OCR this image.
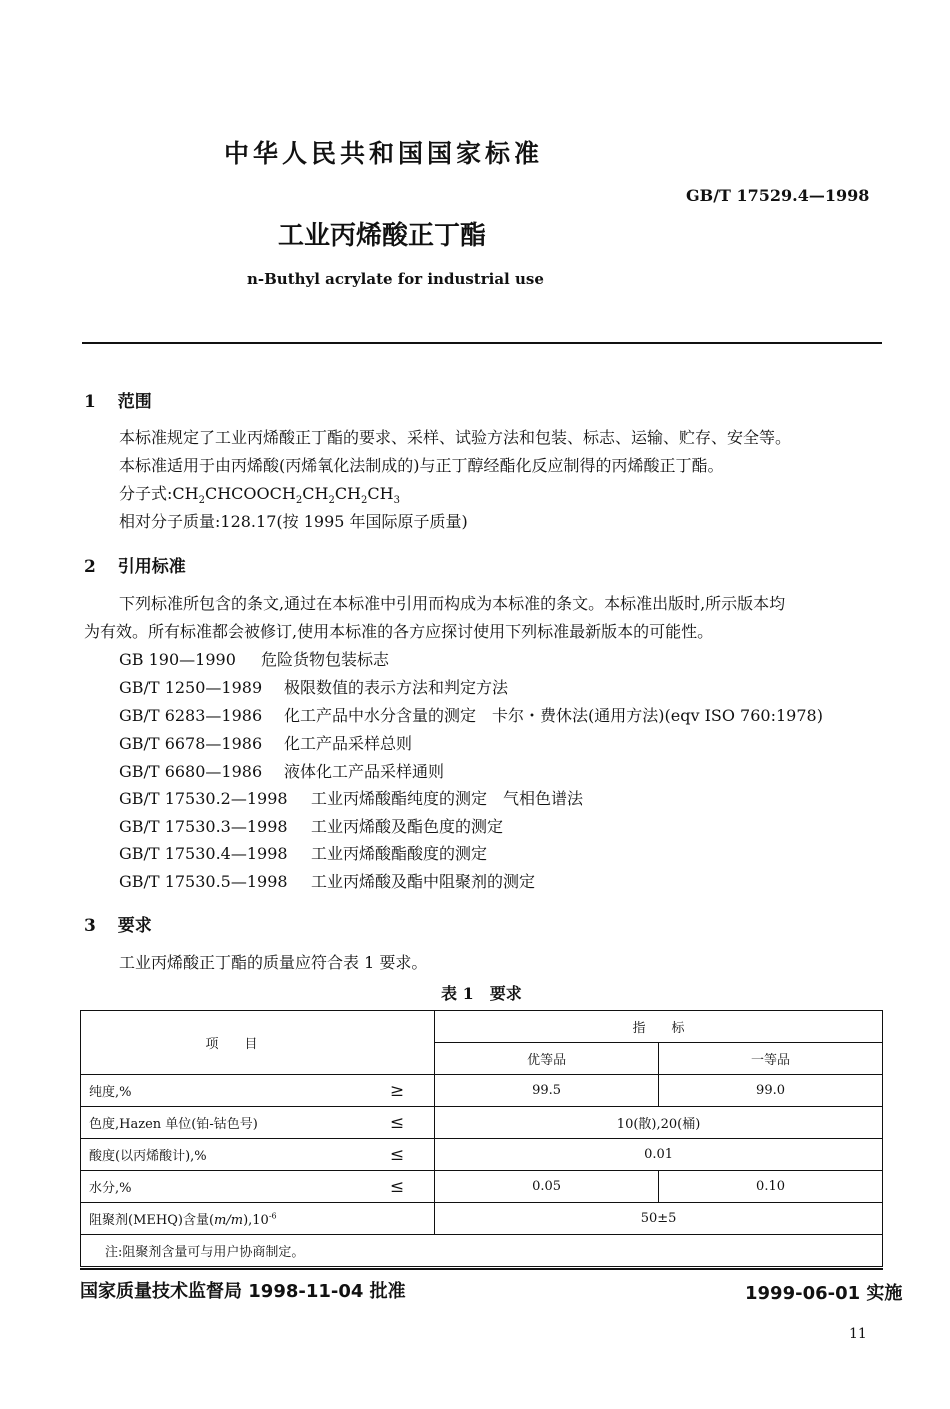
中华人民共和国国家标准
GB/T 17529.4—1998
工业丙烯酸正丁酯
n-Buthyl acrylate for industrial use
1 范围
本标准规定了工业丙烯酸正丁酯的要求、采样、试验方法和包装、标志、运输、贮存、安全等。
本标准适用于由丙烯酸(丙烯氧化法制成的)与正丁醇经酯化反应制得的丙烯酸正丁酯。
分子式$:CH_2CHCOOCH_2CH_2CH_2CH_3$
相对分子质量:128.17(按 1995 年国际原子质量)
2 引用标准
下列标准所包含的条文,通过在本标准中引用而构成为本标准的条文。本标准出版时,所示版本均
为有效。所有标准都会被修订,使用本标准的各方应探讨使用下列标准最新版本的可能性。
GB 190—1990 危险货物包装标志
GB/T 1250—1989 极限数值的表示方法和判定方法
GB/T 6283—1986 化工产品中水分含量的测定　卡尔・费休法(通用方法)(eqv ISO 760:1978)
GB/T 6678—1986 化工产品采样总则
GB/T 6680—1986 液体化工产品采样通则
GB/T 17530.2—1998 工业丙烯酸酯纯度的测定　气相色谱法
GB/T 17530.3—1998 工业丙烯酸及酯色度的测定
GB/T 17530.4—1998 工业丙烯酸酯酸度的测定
GB/T 17530.5—1998 工业丙烯酸及酯中阻聚剂的测定
3 要求
工业丙烯酸正丁酯的质量应符合表 1 要求。
表 1　要求
项　　目		指　　标	
		优等品	一等品
纯度,%	≥	99.5	99.0
色度,Hazen 单位(铂-钴色号)	≤	10(散),20(桶)	
酸度(以丙烯酸计),%	≤	0.01	
水分,%	≤	0.05	0.10
阻聚剂(MEHQ)含量$(m/m),10^{-6}$		50±5	
注:阻聚剂含量可与用户协商制定。			
国家质量技术监督局 1998-11-04 批准	1999-06-01 实施
11
